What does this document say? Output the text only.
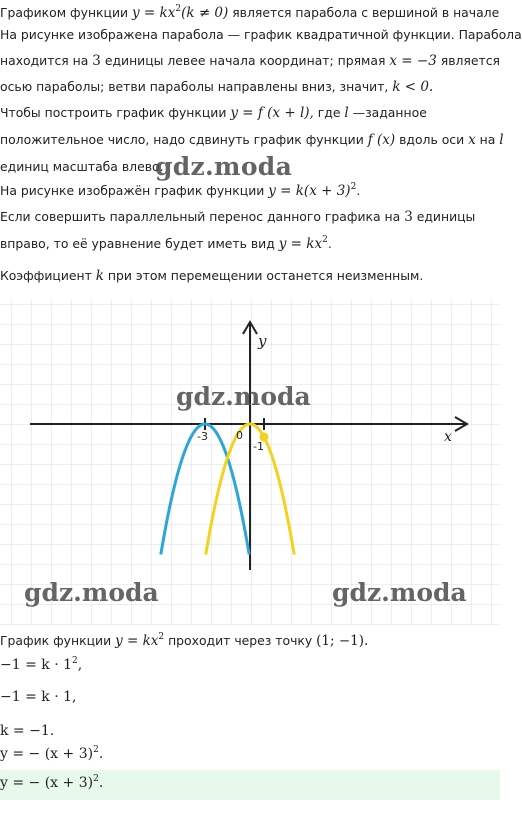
Графиком функции $y = kx^2(k \ne 0)$ является парабола с вершиной в начале
На рисунке изображена парабола — график квадратичной функции. Парабола
находится на 3 единицы левее начала координат; прямая x = −3 является
осью параболы; ветви параболы направлены вниз, значит, k < 0.
Чтобы построить график функции y = f (x + l), где l —заданное
положительное число, надо сдвинуть график функции f (x) вдоль оси x на l
единиц масштаба влево.
На рисунке изображён график функции $y = k(x + 3)^2$.
Если совершить параллельный перенос данного графика на 3 единицы
вправо, то её уравнение будет иметь вид $y = kx^2$.
Коэффициент k при этом перемещении останется неизменным.
gdz.moda
y
x
-3	0
-1
gdz.moda
gdz.moda	gdz.moda
График функции $y = kx^2$ проходит через точку (1; −1).
$-1 = k \cdot 1^2$,
−1 = k · 1,
k = −1.
y = − $(x + 3)^2$.
y = − $(x + 3)^2$.
